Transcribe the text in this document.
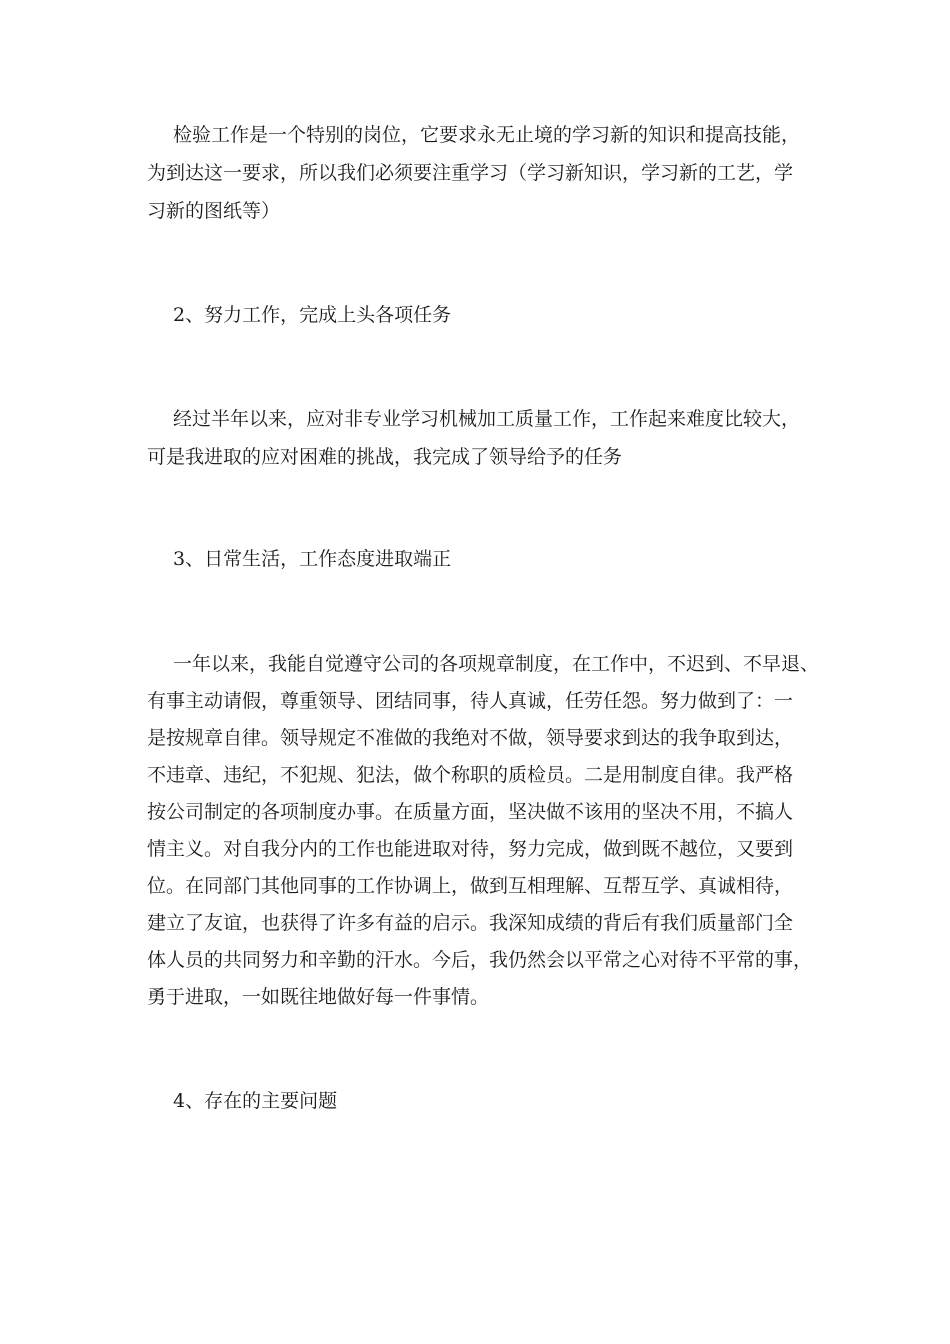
检验工作是一个特别的岗位，它要求永无止境的学习新的知识和提高技能，
为到达这一要求，所以我们必须要注重学习（学习新知识，学习新的工艺，学
习新的图纸等）
2、努力工作，完成上头各项任务
经过半年以来，应对非专业学习机械加工质量工作，工作起来难度比较大，
可是我进取的应对困难的挑战，我完成了领导给予的任务
3、日常生活，工作态度进取端正
一年以来，我能自觉遵守公司的各项规章制度，在工作中，不迟到、不早退、
有事主动请假，尊重领导、团结同事，待人真诚，任劳任怨。努力做到了：一
是按规章自律。领导规定不准做的我绝对不做，领导要求到达的我争取到达，
不违章、违纪，不犯规、犯法，做个称职的质检员。二是用制度自律。我严格
按公司制定的各项制度办事。在质量方面，坚决做不该用的坚决不用，不搞人
情主义。对自我分内的工作也能进取对待，努力完成，做到既不越位，又要到
位。在同部门其他同事的工作协调上，做到互相理解、互帮互学、真诚相待，
建立了友谊，也获得了许多有益的启示。我深知成绩的背后有我们质量部门全
体人员的共同努力和辛勤的汗水。今后，我仍然会以平常之心对待不平常的事，
勇于进取，一如既往地做好每一件事情。
4、存在的主要问题
